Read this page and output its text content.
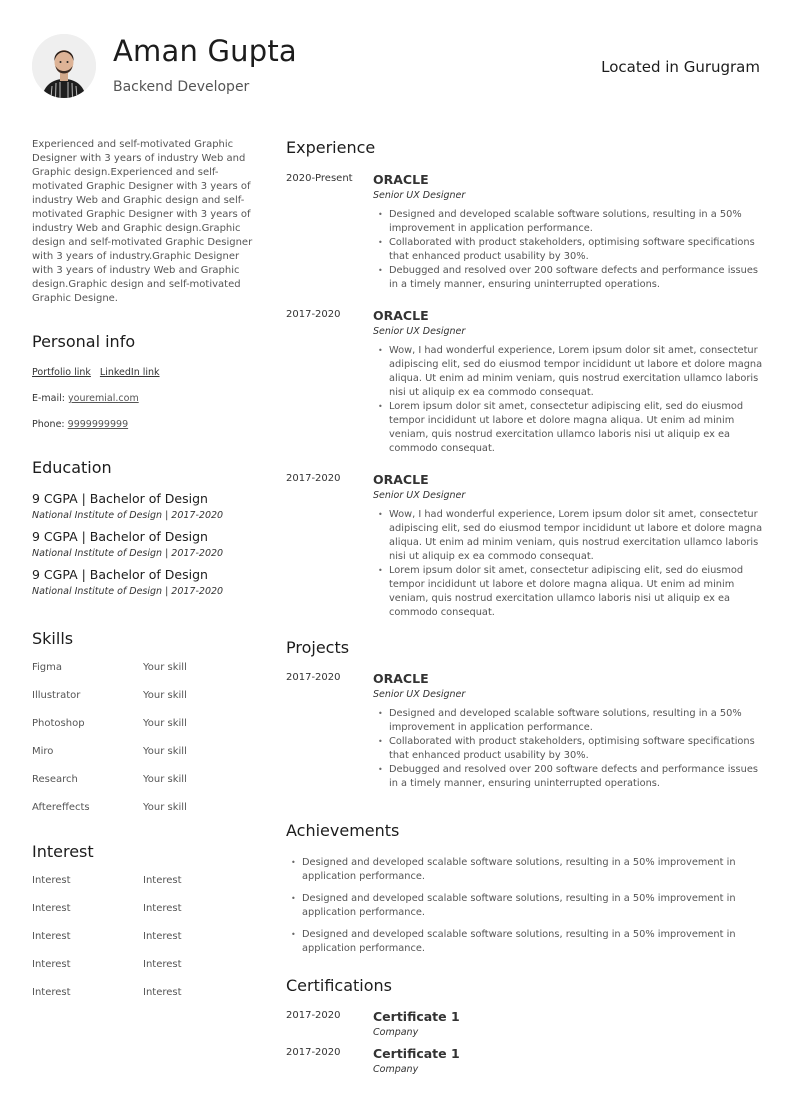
Aman Gupta
Backend Developer
Located in Gurugram

Experienced and self-motivated Graphic Designer with 3 years of industry Web and Graphic design.Experienced and self-motivated Graphic Designer with 3 years of industry Web and Graphic design and self-motivated Graphic Designer with 3 years of industry Web and Graphic design.Graphic design and self-motivated Graphic Designer with 3 years of industry.Graphic Designer with 3 years of industry Web and Graphic design.Graphic design and self-motivated Graphic Designe.

Personal info
Portfolio link LinkedIn link
E-mail: youremial.com
Phone: 9999999999
Education
9 CGPA | Bachelor of Design
National Institute of Design | 2017-2020
9 CGPA | Bachelor of Design
National Institute of Design | 2017-2020
9 CGPA | Bachelor of Design
National Institute of Design | 2017-2020
Skills
Figma	Your skill
Illustrator	Your skill
Photoshop	Your skill
Miro	Your skill
Research	Your skill
Aftereffects	Your skill
Interest
Interest	Interest
Interest	Interest
Interest	Interest
Interest	Interest
Interest	Interest
Experience
2020-Present ORACLE
Senior UX Designer
• Designed and developed scalable software solutions, resulting in a 50% improvement in application performance.
• Collaborated with product stakeholders, optimising software specifications that enhanced product usability by 30%.
• Debugged and resolved over 200 software defects and performance issues in a timely manner, ensuring uninterrupted operations.
2017-2020	ORACLE
Senior UX Designer
• Wow, I had wonderful experience, Lorem ipsum dolor sit amet, consectetur adipiscing elit, sed do eiusmod tempor incididunt ut labore et dolore magna aliqua. Ut enim ad minim veniam, quis nostrud exercitation ullamco laboris nisi ut aliquip ex ea commodo consequat.
• Lorem ipsum dolor sit amet, consectetur adipiscing elit, sed do eiusmod tempor incididunt ut labore et dolore magna aliqua. Ut enim ad minim veniam, quis nostrud exercitation ullamco laboris nisi ut aliquip ex ea commodo consequat.
2017-2020	ORACLE
Senior UX Designer
• Wow, I had wonderful experience, Lorem ipsum dolor sit amet, consectetur adipiscing elit, sed do eiusmod tempor incididunt ut labore et dolore magna aliqua. Ut enim ad minim veniam, quis nostrud exercitation ullamco laboris nisi ut aliquip ex ea commodo consequat.
• Lorem ipsum dolor sit amet, consectetur adipiscing elit, sed do eiusmod tempor incididunt ut labore et dolore magna aliqua. Ut enim ad minim veniam, quis nostrud exercitation ullamco laboris nisi ut aliquip ex ea commodo consequat.
Projects
2017-2020	ORACLE
Senior UX Designer
• Designed and developed scalable software solutions, resulting in a 50% improvement in application performance.
• Collaborated with product stakeholders, optimising software specifications that enhanced product usability by 30%.
• Debugged and resolved over 200 software defects and performance issues in a timely manner, ensuring uninterrupted operations.
Achievements
• Designed and developed scalable software solutions, resulting in a 50% improvement in application performance.
• Designed and developed scalable software solutions, resulting in a 50% improvement in application performance.
• Designed and developed scalable software solutions, resulting in a 50% improvement in application performance.
Certifications
2017-2020	Certificate 1
Company
2017-2020	Certificate 1
Company
